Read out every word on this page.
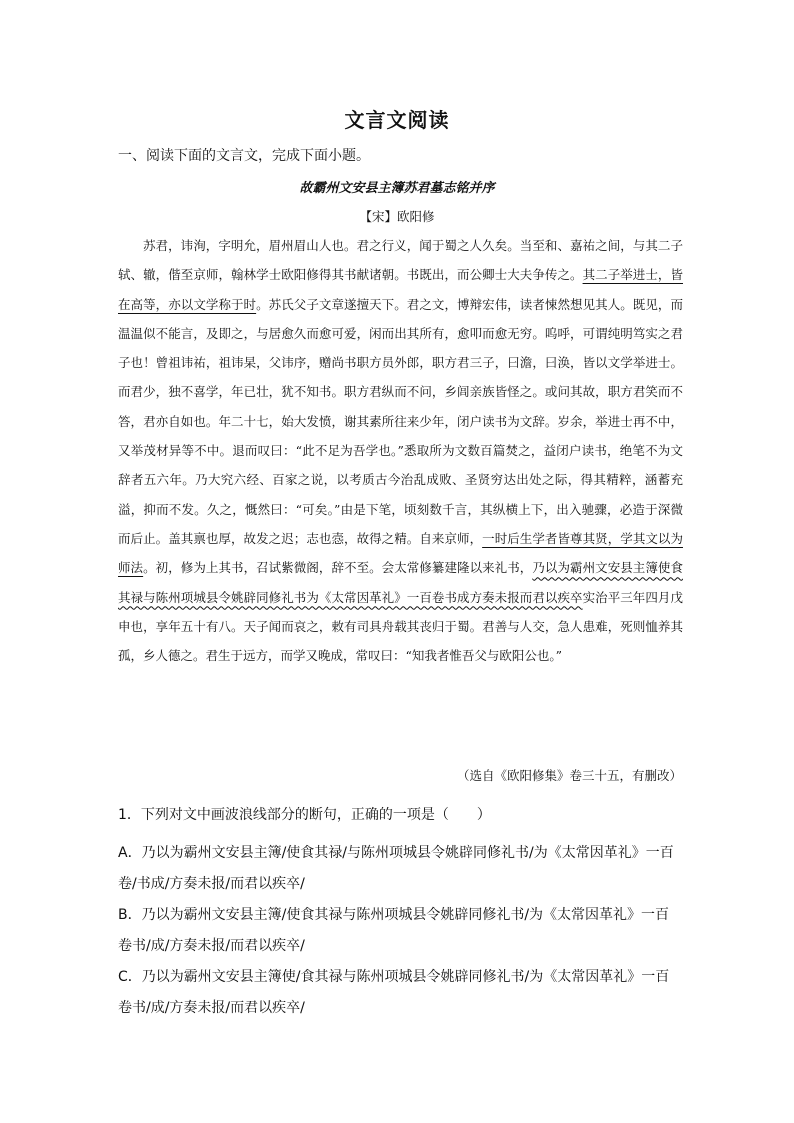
文言文阅读
一、阅读下面的文言文，完成下面小题。
故霸州文安县主簿苏君墓志铭并序
【宋】欧阳修

苏君，讳洵，字明允，眉州眉山人也。君之行义，闻于蜀之人久矣。当至和、嘉祐之间，与其二子轼、辙，偕至京师，翰林学士欧阳修得其书献诸朝。书既出，而公卿士大夫争传之。其二子举进士，皆在高等，亦以文学称于时。苏氏父子文章遂擅天下。君之文，博辩宏伟，读者悚然想见其人。既见，而温温似不能言，及即之，与居愈久而愈可爱，闲而出其所有，愈叩而愈无穷。呜呼，可谓纯明笃实之君子也！曾祖讳祐，祖讳杲，父讳序，赠尚书职方员外郎，职方君三子，曰澹，曰涣，皆以文学举进士。而君少，独不喜学，年已壮，犹不知书。职方君纵而不问，乡闾亲族皆怪之。或问其故，职方君笑而不答，君亦自如也。年二十七，始大发愤，谢其素所往来少年，闭户读书为文辞。岁余，举进士再不中，又举茂材异等不中。退而叹曰：“此不足为吾学也。”悉取所为文数百篇焚之，益闭户读书，绝笔不为文辞者五六年。乃大究六经、百家之说，以考质古今治乱成败、圣贤穷达出处之际，得其精粹，涵蓄充溢，抑而不发。久之，慨然曰：“可矣。”由是下笔，顷刻数千言，其纵横上下，出入驰骤，必造于深微而后止。盖其禀也厚，故发之迟；志也悫，故得之精。自来京师，一时后生学者皆尊其贤，学其文以为师法。初，修为上其书，召试紫微阁，辞不至。会太常修纂建隆以来礼书，乃以为霸州文安县主簿使食其禄与陈州项城县令姚辟同修礼书为《太常因革礼》一百卷书成方奏未报而君以疾卒实治平三年四月戊申也，享年五十有八。天子闻而哀之，敕有司具舟载其丧归于蜀。君善与人交，急人患难，死则恤养其孤，乡人德之。君生于远方，而学又晚成，常叹曰：“知我者惟吾父与欧阳公也。”

（选自《欧阳修集》卷三十五，有删改）
1．下列对文中画波浪线部分的断句，正确的一项是（　　）
A．乃以为霸州文安县主簿/使食其禄/与陈州项城县令姚辟同修礼书/为《太常因革礼》一百卷/书成/方奏未报/而君以疾卒/
B．乃以为霸州文安县主簿/使食其禄与陈州项城县令姚辟同修礼书/为《太常因革礼》一百卷书/成/方奏未报/而君以疾卒/
C．乃以为霸州文安县主簿使/食其禄与陈州项城县令姚辟同修礼书/为《太常因革礼》一百卷书/成/方奏未报/而君以疾卒/
